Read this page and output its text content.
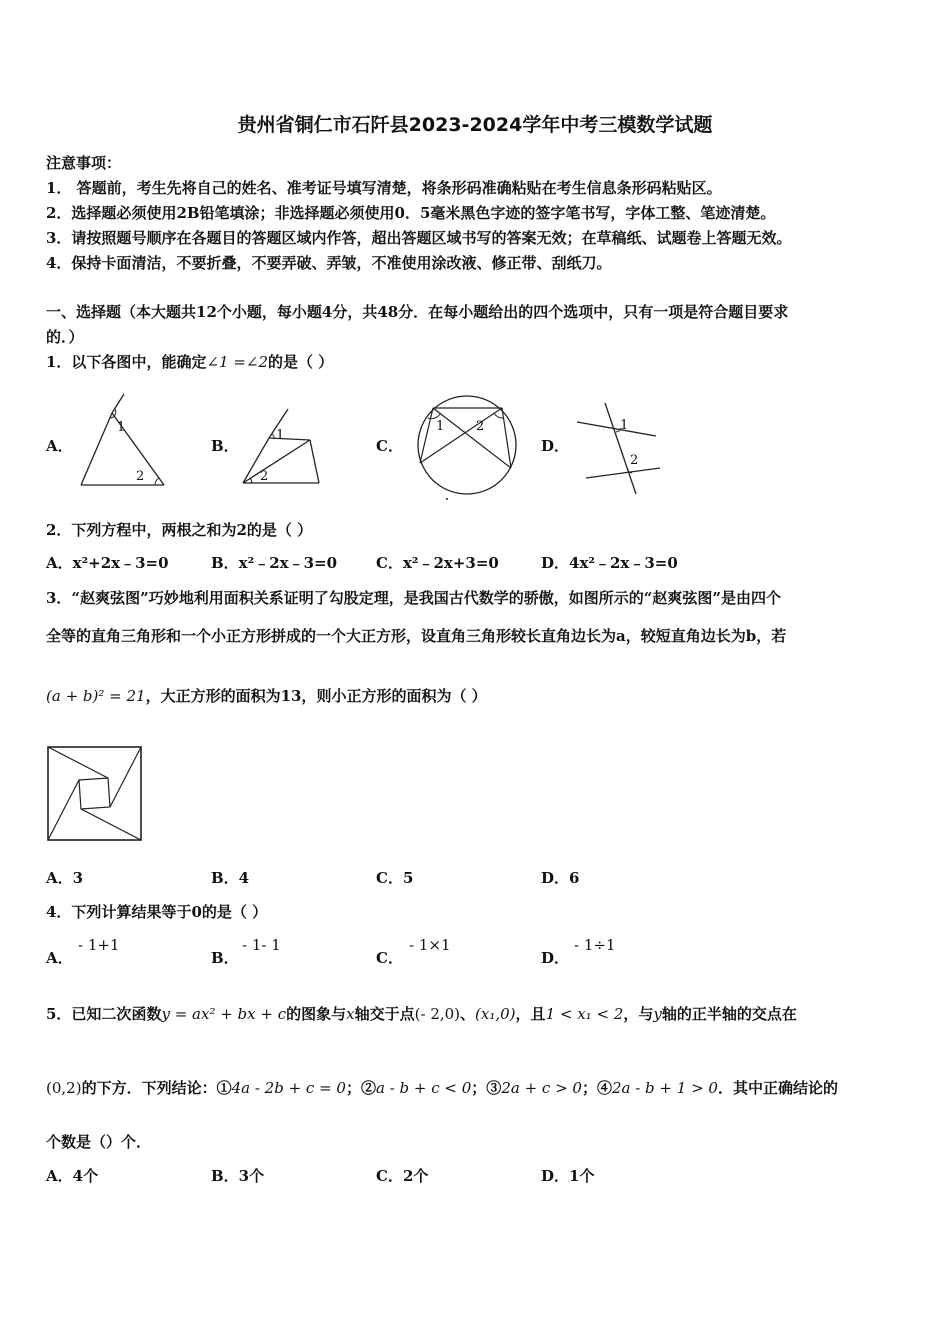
贵州省铜仁市石阡县2023-2024学年中考三模数学试题
注意事项：
1． 答题前，考生先将自己的姓名、准考证号填写清楚，将条形码准确粘贴在考生信息条形码粘贴区。
2．选择题必须使用2B铅笔填涂；非选择题必须使用0．5毫米黑色字迹的签字笔书写，字体工整、笔迹清楚。
3．请按照题号顺序在各题目的答题区域内作答，超出答题区域书写的答案无效；在草稿纸、试题卷上答题无效。
4．保持卡面清洁，不要折叠，不要弄破、弄皱，不准使用涂改液、修正带、刮纸刀。
一、选择题（本大题共12个小题，每小题4分，共48分．在每小题给出的四个选项中，只有一项是符合题目要求
的．）
1．以下各图中，能确定∠1 =∠2的是（ ）
A．	B．	C．	D．
1
2
1
2
1 2	1
2
2．下列方程中，两根之和为2的是（ ）
A．x²+2x﹣3=0	B．x²﹣2x﹣3=0	C．x²﹣2x+3=0	D．4x²﹣2x﹣3=0
3．“赵爽弦图”巧妙地利用面积关系证明了勾股定理，是我国古代数学的骄傲，如图所示的“赵爽弦图”是由四个
全等的直角三角形和一个小正方形拼成的一个大正方形，设直角三角形较长直角边长为a，较短直角边长为b，若
(a + b)² = 21，大正方形的面积为13，则小正方形的面积为（ ）
A．3	B．4	C．5	D．6
4．下列计算结果等于0的是（ ）
A．
- 1+1
B．
- 1- 1
C．
- 1×1
D．
- 1÷1
5．已知二次函数y = ax² + bx + c的图象与x轴交于点(- 2,0)、(x₁,0)，且1 < x₁ < 2，与y轴的正半轴的交点在
(0,2)的下方．下列结论：①4a - 2b + c = 0；②a - b + c < 0；③2a + c > 0；④2a - b + 1 > 0．其中正确结论的
个数是（）个．
A．4个	B．3个	C．2个	D．1个
